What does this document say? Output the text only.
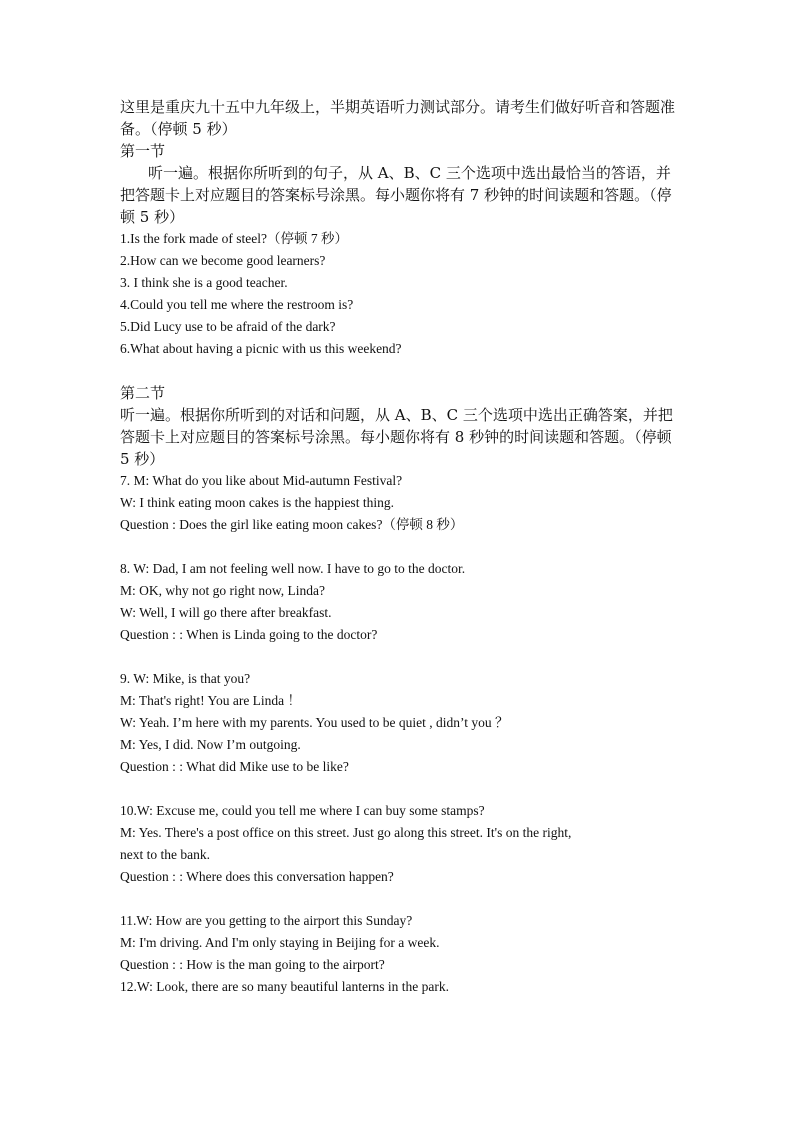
这里是重庆九十五中九年级上，半期英语听力测试部分。请考生们做好听音和答题准备。（停顿 5 秒）

第一节

听一遍。根据你所听到的句子，从 A、B、C 三个选项中选出最恰当的答语，并把答题卡上对应题目的答案标号涂黑。每小题你将有 7 秒钟的时间读题和答题。（停顿 5 秒）

1.Is the fork made of steel?（停顿 7 秒）

2.How can we become good learners?

3. I think she is a good teacher.

4.Could you tell me where the restroom is?

5.Did Lucy use to be afraid of the dark?

6.What about having a picnic with us this weekend?

第二节

听一遍。根据你所听到的对话和问题，从 A、B、C 三个选项中选出正确答案，并把答题卡上对应题目的答案标号涂黑。每小题你将有 8 秒钟的时间读题和答题。（停顿 5 秒）

7. M: What do you like about Mid-autumn Festival?

W: I think eating moon cakes is the happiest thing.

Question : Does the girl like eating moon cakes?（停顿 8 秒）

8. W: Dad, I am not feeling well now. I have to go to the doctor.

M: OK, why not go right now, Linda?

W: Well, I will go there after breakfast.

Question : : When is Linda going to the doctor?

9. W: Mike, is that you?

M: That's right! You are Linda ！

W: Yeah. I’m here with my parents. You used to be quiet , didn’t you ？

M: Yes, I did. Now I’m outgoing.

Question : : What did Mike use to be like?

10.W: Excuse me, could you tell me where I can buy some stamps?

M: Yes. There's a post office on this street. Just go along this street. It's on the right,

next to the bank.

Question : : Where does this conversation happen?

11.W: How are you getting to the airport this Sunday?

M: I'm driving. And I'm only staying in Beijing for a week.

Question : : How is the man going to the airport?

12.W: Look, there are so many beautiful lanterns in the park.
